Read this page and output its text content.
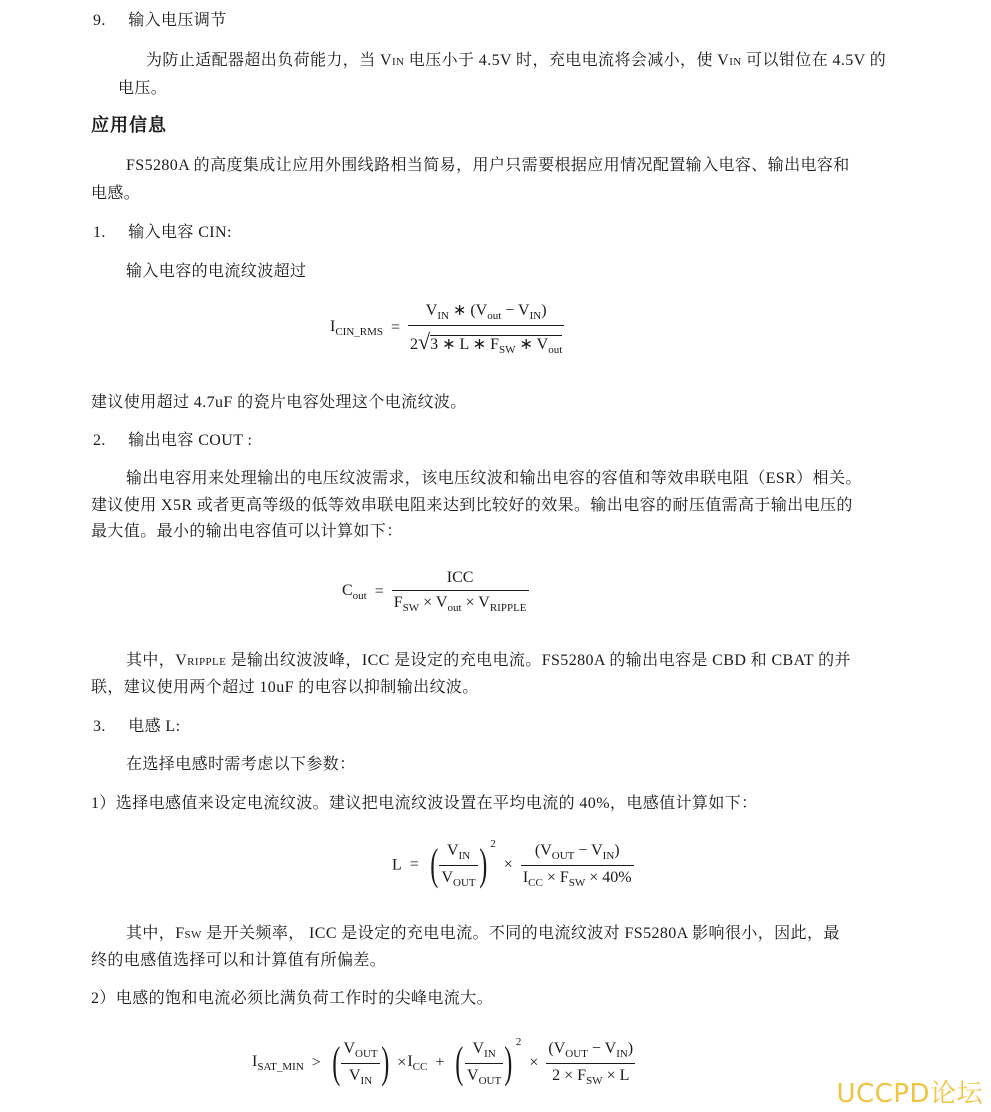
9. 输入电压调节
为防止适配器超出负荷能力，当 VIN 电压小于 4.5V 时，充电电流将会减小，使 VIN 可以钳位在 4.5V 的
电压。
应用信息
FS5280A 的高度集成让应用外围线路相当简易，用户只需要根据应用情况配置输入电容、输出电容和
电感。
1. 输入电容 CIN:
输入电容的电流纹波超过
$I_{CIN\_RMS} = \frac{V_{IN} ∗ (V_{out} - V_{IN})}{2√3 ∗ L ∗ F_{SW} ∗ V_{out}}$
建议使用超过 4.7uF 的瓷片电容处理这个电流纹波。
2. 输出电容 COUT :
输出电容用来处理输出的电压纹波需求，该电压纹波和输出电容的容值和等效串联电阻（ESR）相关。
建议使用 X5R 或者更高等级的低等效串联电阻来达到比较好的效果。输出电容的耐压值需高于输出电压的
最大值。最小的输出电容值可以计算如下：
$C_{out} = \frac{\text{ICC}}{F_{SW} \times V_{out} \times V_{RIPPLE}}$
其中，VRIPPLE 是输出纹波波峰，ICC 是设定的充电电流。FS5280A 的输出电容是 CBD 和 CBAT 的并
联，建议使用两个超过 10uF 的电容以抑制输出纹波。
3. 电感 L:
在选择电感时需考虑以下参数：
1）选择电感值来设定电流纹波。建议把电流纹波设置在平均电流的 40%，电感值计算如下：
L = ( $\frac{V_{IN}}{V_{OUT}}$ ) $^2 \times \frac{(V_{OUT} - V_{IN})}{I_{CC} \times F_{SW} \times 40\%}$
其中，FSW 是开关频率， ICC 是设定的充电电流。不同的电流纹波对 FS5280A 影响很小，因此，最
终的电感值选择可以和计算值有所偏差。
2）电感的饱和电流必须比满负荷工作时的尖峰电流大。
$I_{SAT\_MIN}$ > ( $\frac{V_{OUT}}{V_{IN}}$ ) $\times I_{CC}$ + ( $\frac{V_{IN}}{V_{OUT}}$ ) $^2 \times \frac{(V_{OUT} - V_{IN})}{2 \times F_{SW} \times L}$
UCCPD论坛
